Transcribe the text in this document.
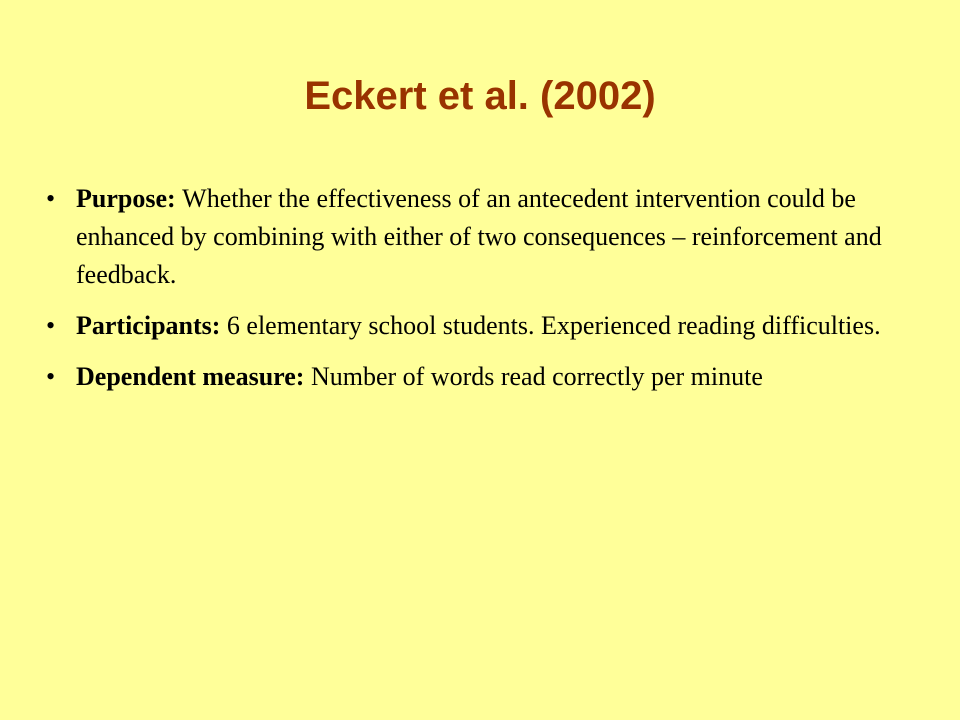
Eckert et al. (2002)
• Purpose: Whether the effectiveness of an antecedent intervention could be enhanced by combining with either of two consequences – reinforcement and feedback.
• Participants: 6 elementary school students. Experienced reading difficulties.
• Dependent measure: Number of words read correctly per minute
